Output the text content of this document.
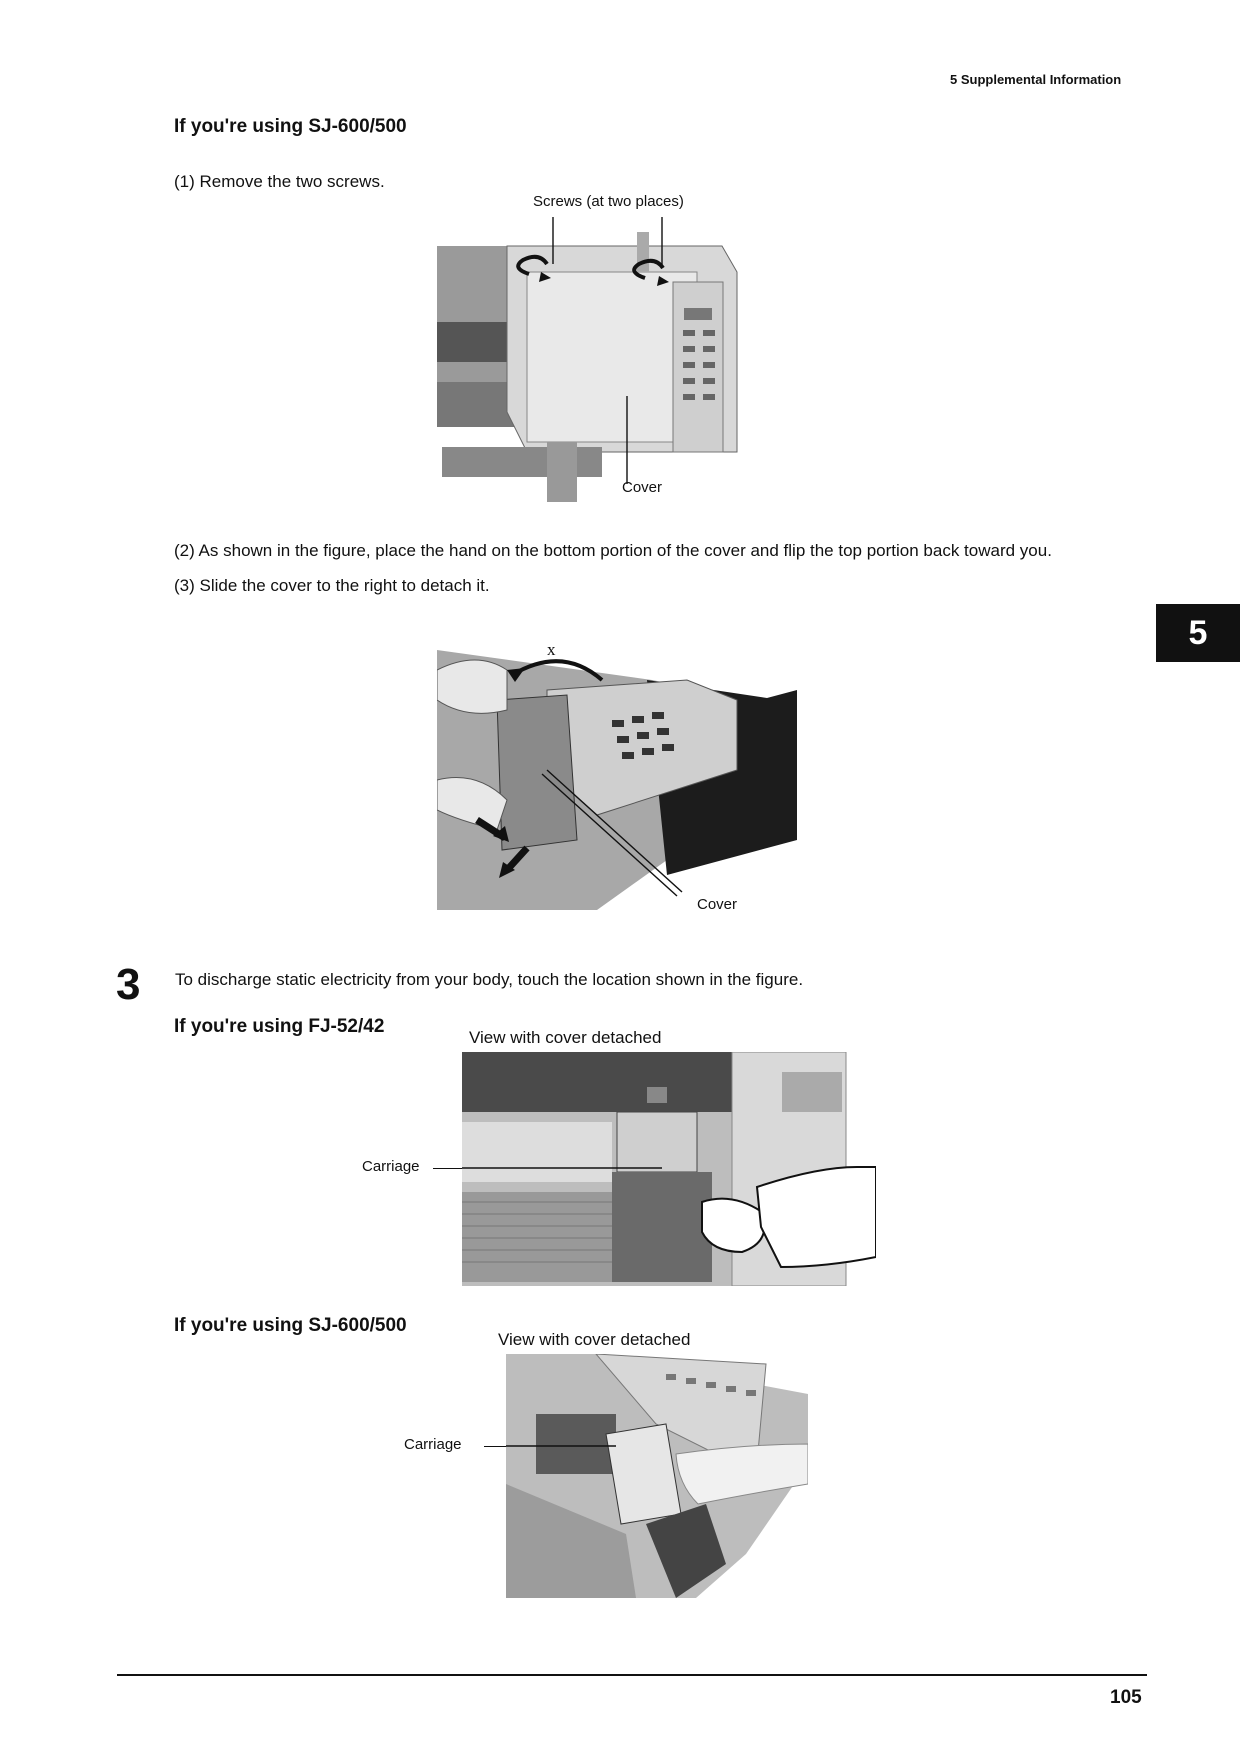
5 Supplemental Information
5
If you're using SJ-600/500
(1) Remove the two screws.
Screws (at two places)
Cover
(2) As shown in the figure, place the hand on the bottom portion of the cover and flip the top portion back toward you.
(3) Slide the cover to the right to detach it.
x
Cover
3 To discharge static electricity from your body, touch the location shown in the figure.
If you're using FJ-52/42
View with cover detached
Carriage
If you're using SJ-600/500
View with cover detached
Carriage
105
